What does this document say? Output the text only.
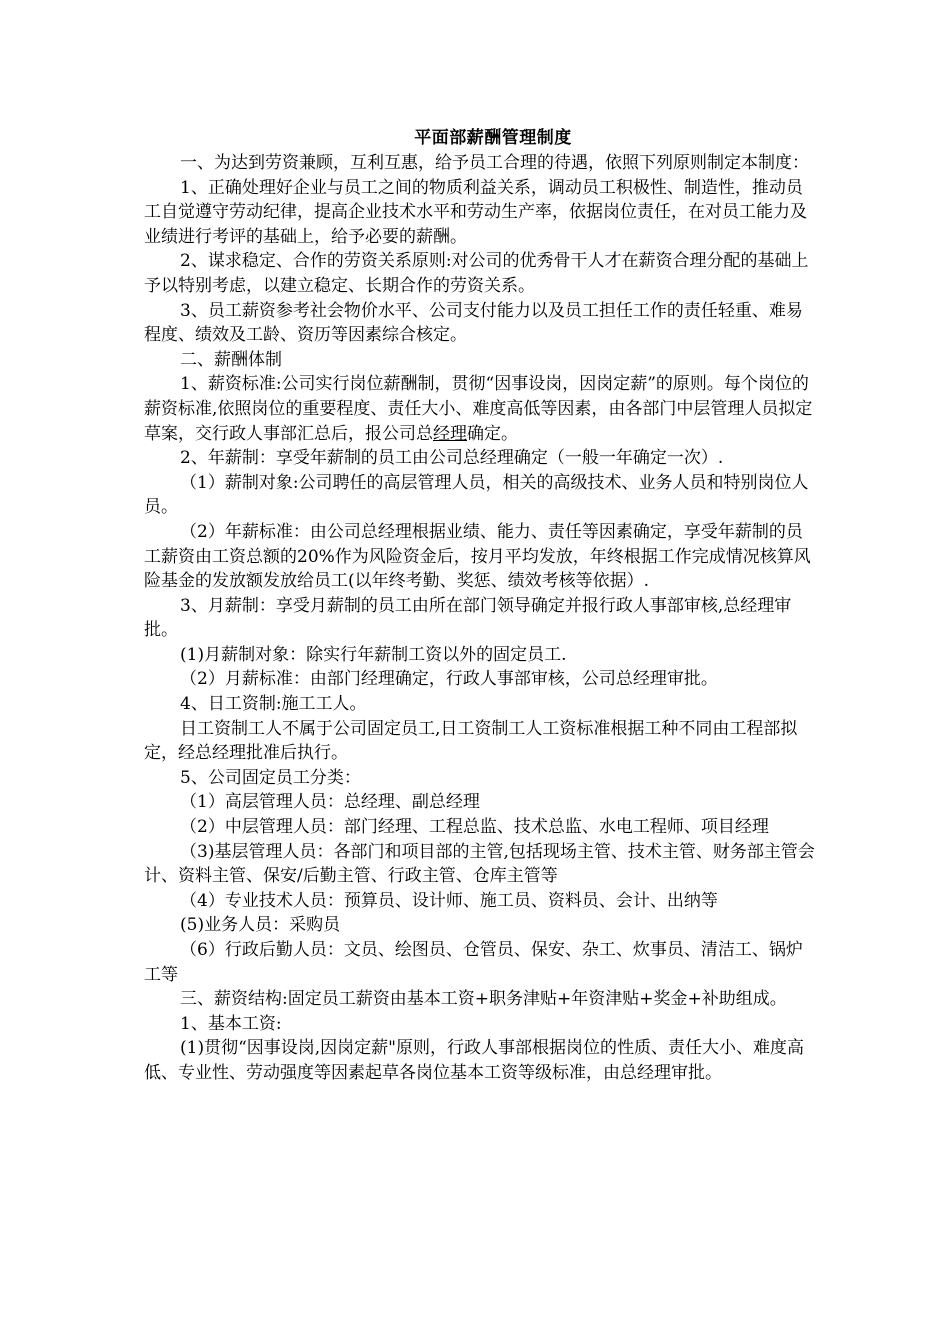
平面部薪酬管理制度

一、为达到劳资兼顾，互利互惠，给予员工合理的待遇，依照下列原则制定本制度：

1、正确处理好企业与员工之间的物质利益关系，调动员工积极性、制造性，推动员工自觉遵守劳动纪律，提高企业技术水平和劳动生产率，依据岗位责任，在对员工能力及业绩进行考评的基础上，给予必要的薪酬。

2、谋求稳定、合作的劳资关系原则:对公司的优秀骨干人才在薪资合理分配的基础上予以特别考虑，以建立稳定、长期合作的劳资关系。

3、员工薪资参考社会物价水平、公司支付能力以及员工担任工作的责任轻重、难易程度、绩效及工龄、资历等因素综合核定。

二、薪酬体制

1、薪资标准:公司实行岗位薪酬制，贯彻“因事设岗，因岗定薪”的原则。每个岗位的薪资标准,依照岗位的重要程度、责任大小、难度高低等因素，由各部门中层管理人员拟定草案，交行政人事部汇总后，报公司总经理确定。

2、年薪制：享受年薪制的员工由公司总经理确定（一般一年确定一次）.

（1）薪制对象:公司聘任的高层管理人员，相关的高级技术、业务人员和特别岗位人员。

（2）年薪标准：由公司总经理根据业绩、能力、责任等因素确定，享受年薪制的员工薪资由工资总额的20%作为风险资金后，按月平均发放，年终根据工作完成情况核算风险基金的发放额发放给员工(以年终考勤、奖惩、绩效考核等依据）.

3、月薪制：享受月薪制的员工由所在部门领导确定并报行政人事部审核,总经理审批。

(1)月薪制对象：除实行年薪制工资以外的固定员工.

（2）月薪标准：由部门经理确定，行政人事部审核，公司总经理审批。

4、日工资制:施工工人。

日工资制工人不属于公司固定员工,日工资制工人工资标准根据工种不同由工程部拟定，经总经理批准后执行。

5、公司固定员工分类：

（1）高层管理人员：总经理、副总经理

（2）中层管理人员：部门经理、工程总监、技术总监、水电工程师、项目经理

（3)基层管理人员：各部门和项目部的主管,包括现场主管、技术主管、财务部主管会计、资料主管、保安/后勤主管、行政主管、仓库主管等

（4）专业技术人员：预算员、设计师、施工员、资料员、会计、出纳等

(5)业务人员：采购员

（6）行政后勤人员：文员、绘图员、仓管员、保安、杂工、炊事员、清洁工、锅炉工等

三、薪资结构:固定员工薪资由基本工资+职务津贴+年资津贴+奖金+补助组成。

1、基本工资:

(1)贯彻“因事设岗,因岗定薪"原则，行政人事部根据岗位的性质、责任大小、难度高低、专业性、劳动强度等因素起草各岗位基本工资等级标准，由总经理审批。
